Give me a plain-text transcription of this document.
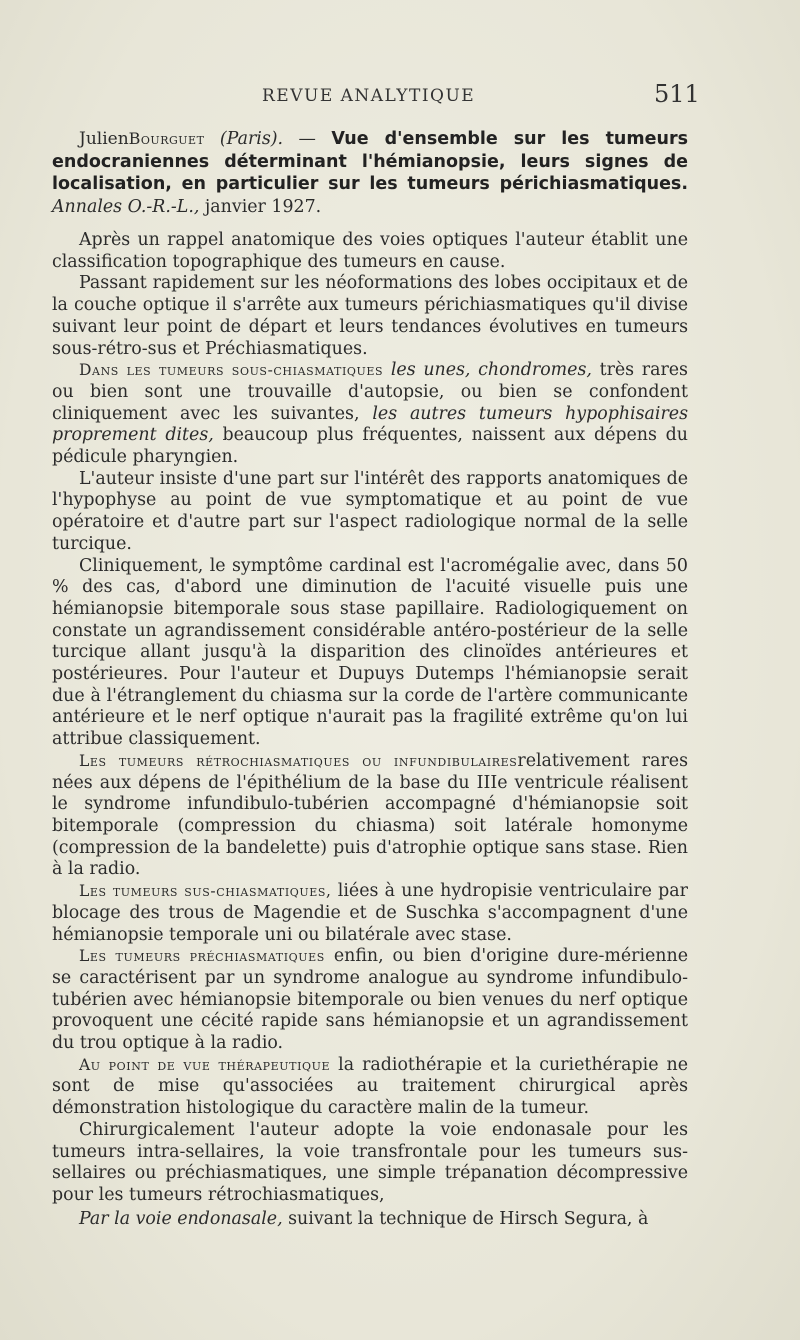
REVUE ANALYTIQUE	511

JulienBourguet (Paris). — Vue d'ensemble sur les tumeurs endocraniennes déterminant l'hémianopsie, leurs signes de localisation, en particulier sur les tumeurs périchiasmatiques. Annales O.-R.-L., janvier 1927.

Après un rappel anatomique des voies optiques l'auteur établit une classification topographique des tumeurs en cause.

Passant rapidement sur les néoformations des lobes occipitaux et de la couche optique il s'arrête aux tumeurs périchiasmatiques qu'il divise suivant leur point de départ et leurs tendances évolutives en tumeurs sous-rétro-sus et Préchiasmatiques.

Dans les tumeurs sous-chiasmatiques les unes, chondromes, très rares ou bien sont une trouvaille d'autopsie, ou bien se confondent cliniquement avec les suivantes, les autres tumeurs hypophisaires proprement dites, beaucoup plus fréquentes, naissent aux dépens du pédicule pharyngien.

L'auteur insiste d'une part sur l'intérêt des rapports anatomiques de l'hypophyse au point de vue symptomatique et au point de vue opératoire et d'autre part sur l'aspect radiologique normal de la selle turcique.

Cliniquement, le symptôme cardinal est l'acromégalie avec, dans 50 % des cas, d'abord une diminution de l'acuité visuelle puis une hémianopsie bitemporale sous stase papillaire. Radiologiquement on constate un agrandissement considérable antéro-postérieur de la selle turcique allant jusqu'à la disparition des clinoïdes antérieures et postérieures. Pour l'auteur et Dupuys Dutemps l'hémianopsie serait due à l'étranglement du chiasma sur la corde de l'artère communicante antérieure et le nerf optique n'aurait pas la fragilité extrême qu'on lui attribue classiquement.

Les tumeurs rétrochiasmatiques ou infundibulairesrelativement rares nées aux dépens de l'épithélium de la base du IIIe ventricule réalisent le syndrome infundibulo-tubérien accompagné d'hémianopsie soit bitemporale (compression du chiasma) soit latérale homonyme (compression de la bandelette) puis d'atrophie optique sans stase. Rien à la radio.

Les tumeurs sus-chiasmatiques, liées à une hydropisie ventriculaire par blocage des trous de Magendie et de Suschka s'accompagnent d'une hémianopsie temporale uni ou bilatérale avec stase.

Les tumeurs préchiasmatiques enfin, ou bien d'origine dure-mérienne se caractérisent par un syndrome analogue au syndrome infundibulo-tubérien avec hémianopsie bitemporale ou bien venues du nerf optique provoquent une cécité rapide sans hémianopsie et un agrandissement du trou optique à la radio.

Au point de vue thérapeutique la radiothérapie et la curiethérapie ne sont de mise qu'associées au traitement chirurgical après démonstration histologique du caractère malin de la tumeur.

Chirurgicalement l'auteur adopte la voie endonasale pour les tumeurs intra-sellaires, la voie transfrontale pour les tumeurs sus-sellaires ou préchiasmatiques, une simple trépanation décompressive pour les tumeurs rétrochiasmatiques,

Par la voie endonasale, suivant la technique de Hirsch Segura, à
